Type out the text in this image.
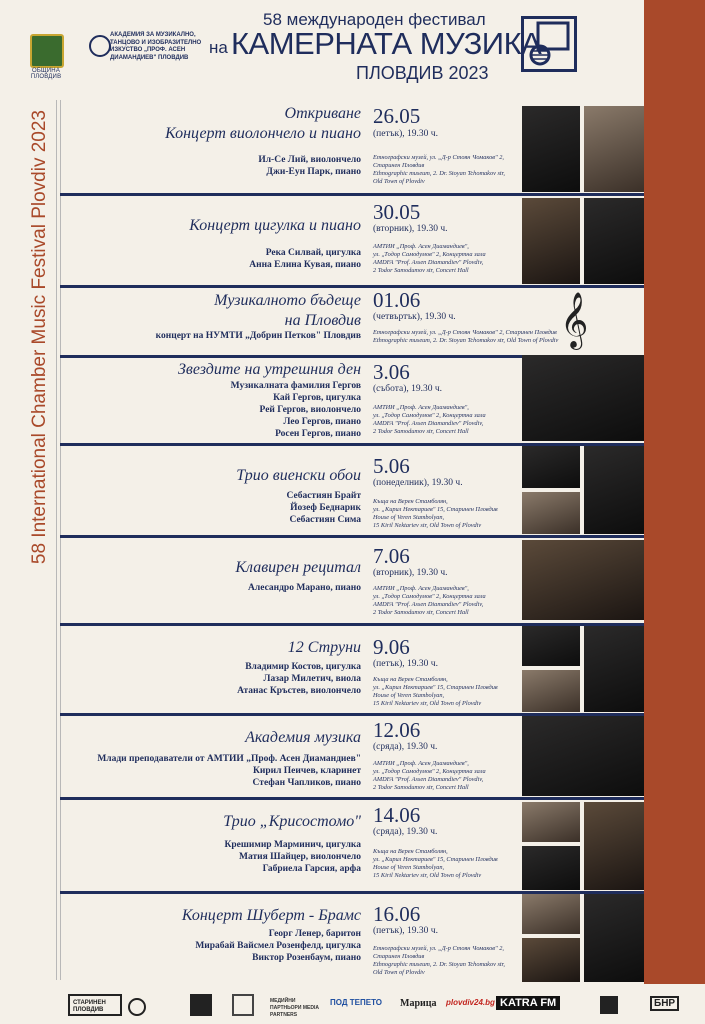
ОБЩИНА ПЛОВДИВ
АКАДЕМИЯ ЗА МУЗИКАЛНО, ТАНЦОВО И ИЗОБРАЗИТЕЛНО ИЗКУСТВО „ПРОФ. АСЕН ДИАМАНДИЕВ" ПЛОВДИВ
58 международен фестивал
на КАМЕРНАТА МУЗИКА
ПЛОВДИВ 2023
58 International Chamber Music Festival Plovdiv 2023	Откриване
Концерт виолончело и пиано
Ил-Се Лий, виолончело
Джи-Еун Парк, пиано
26.05
(петък), 19.30 ч.
Етнографски музей, ул. „Д-р Стоян Чомаков" 2,
Старинен Пловдив
Ethnographic museum, 2. Dr. Stoyan Tchomakov str,
Old Town of Plovdiv
Концерт цигулка и пиано
Река Силвай, цигулка
Анна Елина Кувая, пиано
30.05
(вторник), 19.30 ч.
АМТИИ „Проф. Асен Диамандиев",
ул. „Тодор Самодумов" 2, Концертна зала
AMDFA "Prof. Assen Diamandiev" Plovdiv,
2 Todor Samodumov str, Concert Hall
Музикалното бъдеще
на Пловдив
концерт на НУМТИ „Добрин Петков" Пловдив
01.06
(четвъртък), 19.30 ч.
Етнографски музей, ул. „Д-р Стоян Чомаков" 2, Старинен Пловдив
Ethnographic museum, 2. Dr. Stoyan Tchomakov str, Old Town of Plovdiv 𝄞
Звездите на утрешния ден
Музикалната фамилия Гергов
Кай Гергов, цигулка
Рей Гергов, виолончело
Лео Гергов, пиано
Росен Гергов, пиано
3.06
(събота), 19.30 ч.
АМТИИ „Проф. Асен Диамандиев",
ул. „Тодор Самодумов" 2, Концертна зала
AMDFA "Prof. Assen Diamandiev" Plovdiv,
2 Todor Samodumov str, Concert Hall
Трио виенски обои
Себастиян Брайт
Йозеф Беднарик
Себастиян Сима
5.06
(понеделник), 19.30 ч.
Къща на Верен Стамболян,
ул. „Кирил Нектариев" 15, Старинен Пловдив
House of Veren Stambolyan,
15 Kiril Nektariev str, Old Town of Plovdiv
Клавирен рецитал
Алесандро Марано, пиано
7.06
(вторник), 19.30 ч.
АМТИИ „Проф. Асен Диамандиев",
ул. „Тодор Самодумов" 2, Концертна зала
AMDFA "Prof. Assen Diamandiev" Plovdiv,
2 Todor Samodumov str, Concert Hall
12 Струни
Владимир Костов, цигулка
Лазар Милетич, виола
Атанас Кръстев, виолончело
9.06
(петък), 19.30 ч.
Къща на Верен Стамболян,
ул. „Кирил Нектариев" 15, Старинен Пловдив
House of Veren Stambolyan,
15 Kiril Nektariev str, Old Town of Plovdiv
Академия музика
Млади преподаватели от АМТИИ „Проф. Асен Диамандиев"
Кирил Пеичев, кларинет
Стефан Чапликов, пиано
12.06
(сряда), 19.30 ч.
АМТИИ „Проф. Асен Диамандиев",
ул. „Тодор Самодумов" 2, Концертна зала
AMDFA "Prof. Assen Diamandiev" Plovdiv,
2 Todor Samodumov str, Concert Hall
Трио „Крисостомо"
Крешимир Марминич, цигулка
Матия Шайцер, виолончело
Габриела Гарсия, арфа
14.06
(сряда), 19.30 ч.
Къща на Верен Стамболян,
ул. „Кирил Нектариев" 15, Старинен Пловдив
House of Veren Stambolyan,
15 Kiril Nektariev str, Old Town of Plovdiv
Концерт Шуберт - Брамс
Георг Ленер, баритон
Мирабай Вайсмел Розенфелд, цигулка
Виктор Розенбаум, пиано
16.06
(петък), 19.30 ч.
Етнографски музей, ул. „Д-р Стоян Чомаков" 2,
Старинен Пловдив
Ethnographic museum, 2. Dr. Stoyan Tchomakov str,
Old Town of Plovdiv
СТАРИНЕН ПЛОВДИВ
МЕДИЙНИ ПАРТНЬОРИ MEDIA PARTNERS
ПОД ТЕПЕТО Марица plovdiv24.bg KATRA FM	БНР
